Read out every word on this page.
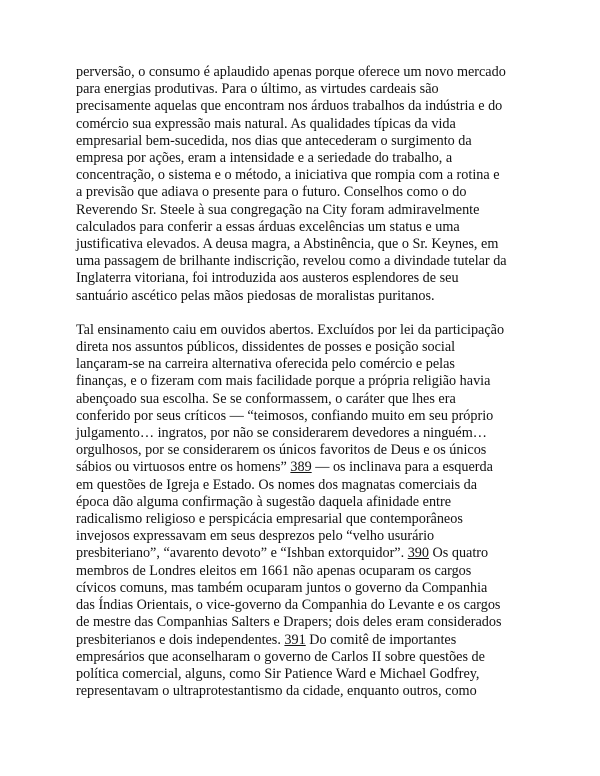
perversão, o consumo é aplaudido apenas porque oferece um novo mercado
para energias produtivas. Para o último, as virtudes cardeais são
precisamente aquelas que encontram nos árduos trabalhos da indústria e do
comércio sua expressão mais natural. As qualidades típicas da vida
empresarial bem-sucedida, nos dias que antecederam o surgimento da
empresa por ações, eram a intensidade e a seriedade do trabalho, a
concentração, o sistema e o método, a iniciativa que rompia com a rotina e
a previsão que adiava o presente para o futuro. Conselhos como o do
Reverendo Sr. Steele à sua congregação na City foram admiravelmente
calculados para conferir a essas árduas excelências um status e uma
justificativa elevados. A deusa magra, a Abstinência, que o Sr. Keynes, em
uma passagem de brilhante indiscrição, revelou como a divindade tutelar da
Inglaterra vitoriana, foi introduzida aos austeros esplendores de seu
santuário ascético pelas mãos piedosas de moralistas puritanos.

Tal ensinamento caiu em ouvidos abertos. Excluídos por lei da participação
direta nos assuntos públicos, dissidentes de posses e posição social
lançaram-se na carreira alternativa oferecida pelo comércio e pelas
finanças, e o fizeram com mais facilidade porque a própria religião havia
abençoado sua escolha. Se se conformassem, o caráter que lhes era
conferido por seus críticos — “teimosos, confiando muito em seu próprio
julgamento… ingratos, por não se considerarem devedores a ninguém…
orgulhosos, por se considerarem os únicos favoritos de Deus e os únicos
sábios ou virtuosos entre os homens” 389 — os inclinava para a esquerda
em questões de Igreja e Estado. Os nomes dos magnatas comerciais da
época dão alguma confirmação à sugestão daquela afinidade entre
radicalismo religioso e perspicácia empresarial que contemporâneos
invejosos expressavam em seus desprezos pelo “velho usurário
presbiteriano”, “avarento devoto” e “Ishban extorquidor”. 390 Os quatro
membros de Londres eleitos em 1661 não apenas ocuparam os cargos
cívicos comuns, mas também ocuparam juntos o governo da Companhia
das Índias Orientais, o vice-governo da Companhia do Levante e os cargos
de mestre das Companhias Salters e Drapers; dois deles eram considerados
presbiterianos e dois independentes. 391 Do comitê de importantes
empresários que aconselharam o governo de Carlos II sobre questões de
política comercial, alguns, como Sir Patience Ward e Michael Godfrey,
representavam o ultraprotestantismo da cidade, enquanto outros, como
